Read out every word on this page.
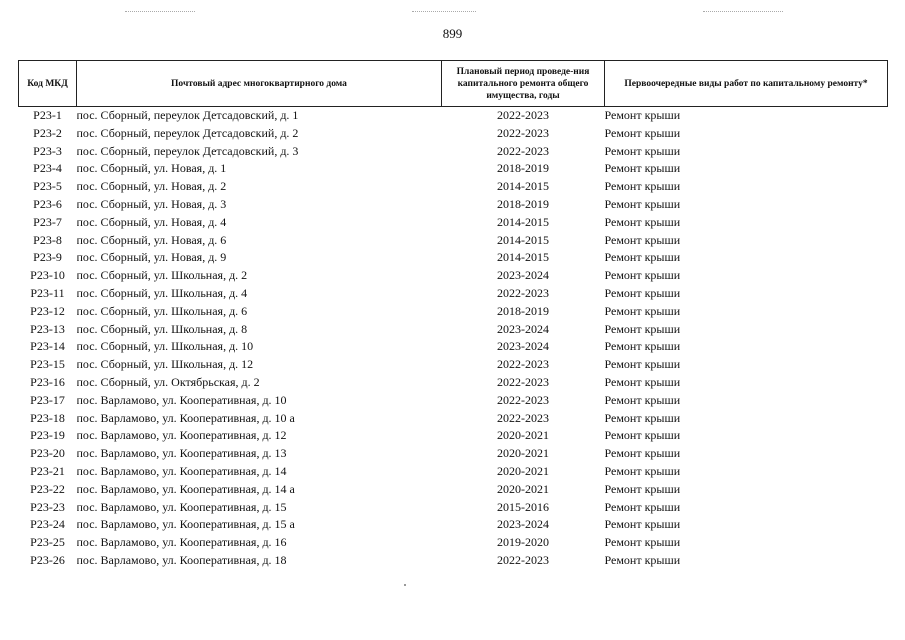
899
Код МКД	Почтовый адрес многоквартирного дома	Плановый период проведе-ния капитального ремонта общего имущества, годы	Первоочередные виды работ по капитальному ремонту*
Р23-1	пос. Сборный, переулок Детсадовский, д. 1	2022-2023	Ремонт крыши
Р23-2	пос. Сборный, переулок Детсадовский, д. 2	2022-2023	Ремонт крыши
Р23-3	пос. Сборный, переулок Детсадовский, д. 3	2022-2023	Ремонт крыши
Р23-4	пос. Сборный, ул. Новая, д. 1	2018-2019	Ремонт крыши
Р23-5	пос. Сборный, ул. Новая, д. 2	2014-2015	Ремонт крыши
Р23-6	пос. Сборный, ул. Новая, д. 3	2018-2019	Ремонт крыши
Р23-7	пос. Сборный, ул. Новая, д. 4	2014-2015	Ремонт крыши
Р23-8	пос. Сборный, ул. Новая, д. 6	2014-2015	Ремонт крыши
Р23-9	пос. Сборный, ул. Новая, д. 9	2014-2015	Ремонт крыши
Р23-10	пос. Сборный, ул. Школьная, д. 2	2023-2024	Ремонт крыши
Р23-11	пос. Сборный, ул. Школьная, д. 4	2022-2023	Ремонт крыши
Р23-12	пос. Сборный, ул. Школьная, д. 6	2018-2019	Ремонт крыши
Р23-13	пос. Сборный, ул. Школьная, д. 8	2023-2024	Ремонт крыши
Р23-14	пос. Сборный, ул. Школьная, д. 10	2023-2024	Ремонт крыши
Р23-15	пос. Сборный, ул. Школьная, д. 12	2022-2023	Ремонт крыши
Р23-16	пос. Сборный, ул. Октябрьская, д. 2	2022-2023	Ремонт крыши
Р23-17	пос. Варламово, ул. Кооперативная, д. 10	2022-2023	Ремонт крыши
Р23-18	пос. Варламово, ул. Кооперативная, д. 10 а	2022-2023	Ремонт крыши
Р23-19	пос. Варламово, ул. Кооперативная, д. 12	2020-2021	Ремонт крыши
Р23-20	пос. Варламово, ул. Кооперативная, д. 13	2020-2021	Ремонт крыши
Р23-21	пос. Варламово, ул. Кооперативная, д. 14	2020-2021	Ремонт крыши
Р23-22	пос. Варламово, ул. Кооперативная, д. 14 а	2020-2021	Ремонт крыши
Р23-23	пос. Варламово, ул. Кооперативная, д. 15	2015-2016	Ремонт крыши
Р23-24	пос. Варламово, ул. Кооперативная, д. 15 а	2023-2024	Ремонт крыши
Р23-25	пос. Варламово, ул. Кооперативная, д. 16	2019-2020	Ремонт крыши
Р23-26	пос. Варламово, ул. Кооперативная, д. 18	2022-2023	Ремонт крыши
